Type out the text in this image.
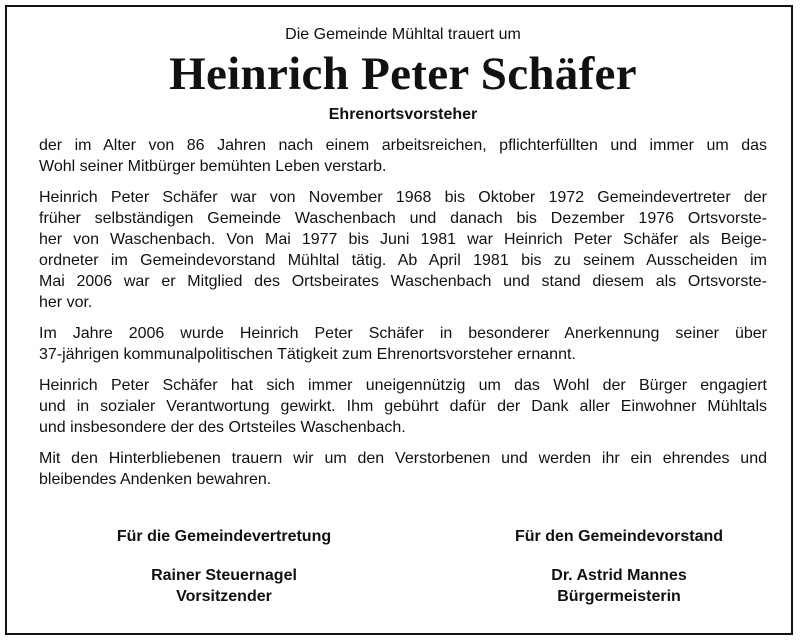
Die Gemeinde Mühltal trauert um

Heinrich Peter Schäfer

Ehrenortsvorsteher

der im Alter von 86 Jahren nach einem arbeitsreichen, pflichterfüllten und immer um das
Wohl seiner Mitbürger bemühten Leben verstarb.
Heinrich Peter Schäfer war von November 1968 bis Oktober 1972 Gemeindevertreter der
früher selbständigen Gemeinde Waschenbach und danach bis Dezember 1976 Ortsvorste-
her von Waschenbach. Von Mai 1977 bis Juni 1981 war Heinrich Peter Schäfer als Beige-
ordneter im Gemeindevorstand Mühltal tätig. Ab April 1981 bis zu seinem Ausscheiden im
Mai 2006 war er Mitglied des Ortsbeirates Waschenbach und stand diesem als Ortsvorste-
her vor.
Im Jahre 2006 wurde Heinrich Peter Schäfer in besonderer Anerkennung seiner über
37-jährigen kommunalpolitischen Tätigkeit zum Ehrenortsvorsteher ernannt.
Heinrich Peter Schäfer hat sich immer uneigennützig um das Wohl der Bürger engagiert
und in sozialer Verantwortung gewirkt. Ihm gebührt dafür der Dank aller Einwohner Mühltals
und insbesondere der des Ortsteiles Waschenbach.
Mit den Hinterbliebenen trauern wir um den Verstorbenen und werden ihr ein ehrendes und
bleibendes Andenken bewahren.

Für die Gemeindevertretung

Rainer Steuernagel

Vorsitzender

Für den Gemeindevorstand

Dr. Astrid Mannes

Bürgermeisterin
